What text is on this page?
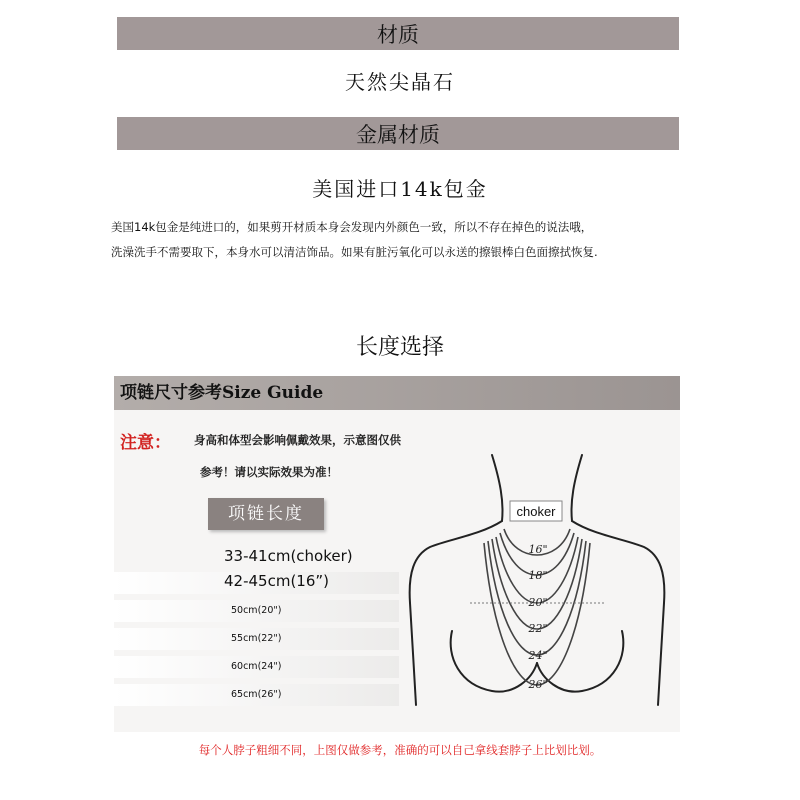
材质
天然尖晶石
金属材质
美国进口14k包金
美国14k包金是纯进口的，如果剪开材质本身会发现内外颜色一致，所以不存在掉色的说法哦，
洗澡洗手不需要取下，本身水可以清洁饰品。如果有脏污氧化可以永送的擦银棒白色面擦拭恢复.
长度选择
项链尺寸参考Size Guide
注意： 身高和体型会影响佩戴效果，示意图仅供
参考！请以实际效果为准！
项链长度
33-41cm(choker)
42-45cm(16”)
50cm(20")
55cm(22")
60cm(24")
65cm(26")
choker
16"
18"
20"
22"
24"
26"
每个人脖子粗细不同，上图仅做参考，准确的可以自己拿线套脖子上比划比划。
